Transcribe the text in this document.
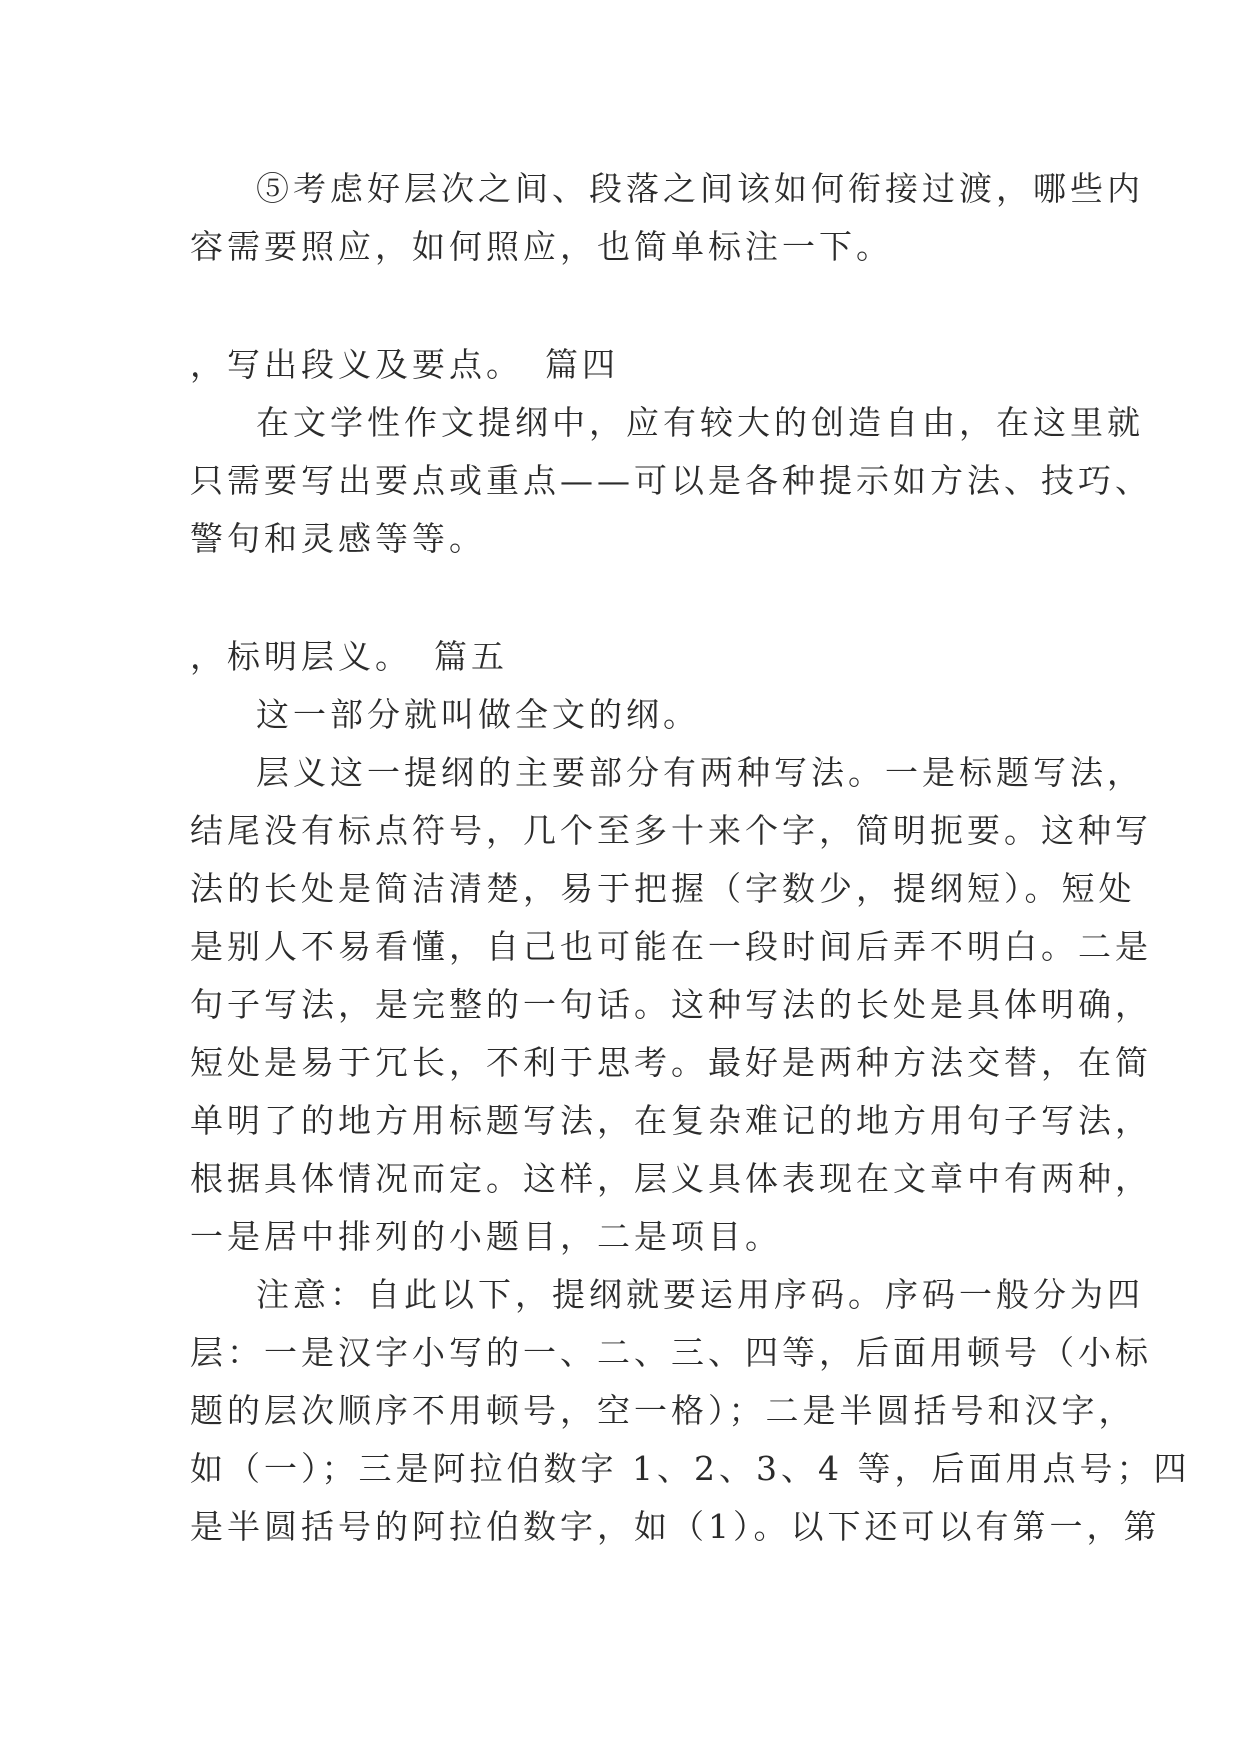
⑤考虑好层次之间、段落之间该如何衔接过渡，哪些内
容需要照应，如何照应，也简单标注一下。
，写出段义及要点。 篇四
在文学性作文提纲中，应有较大的创造自由，在这里就
只需要写出要点或重点——可以是各种提示如方法、技巧、
警句和灵感等等。
，标明层义。 篇五
这一部分就叫做全文的纲。
层义这一提纲的主要部分有两种写法。一是标题写法，
结尾没有标点符号，几个至多十来个字，简明扼要。这种写
法的长处是简洁清楚，易于把握（字数少，提纲短）。短处
是别人不易看懂，自己也可能在一段时间后弄不明白。二是
句子写法，是完整的一句话。这种写法的长处是具体明确，
短处是易于冗长，不利于思考。最好是两种方法交替，在简
单明了的地方用标题写法，在复杂难记的地方用句子写法，
根据具体情况而定。这样，层义具体表现在文章中有两种，
一是居中排列的小题目，二是项目。
注意：自此以下，提纲就要运用序码。序码一般分为四
层：一是汉字小写的一、二、三、四等，后面用顿号（小标
题的层次顺序不用顿号，空一格）；二是半圆括号和汉字，
如（一）；三是阿拉伯数字 1、2、3、4 等，后面用点号；四
是半圆括号的阿拉伯数字，如（1）。以下还可以有第一，第
